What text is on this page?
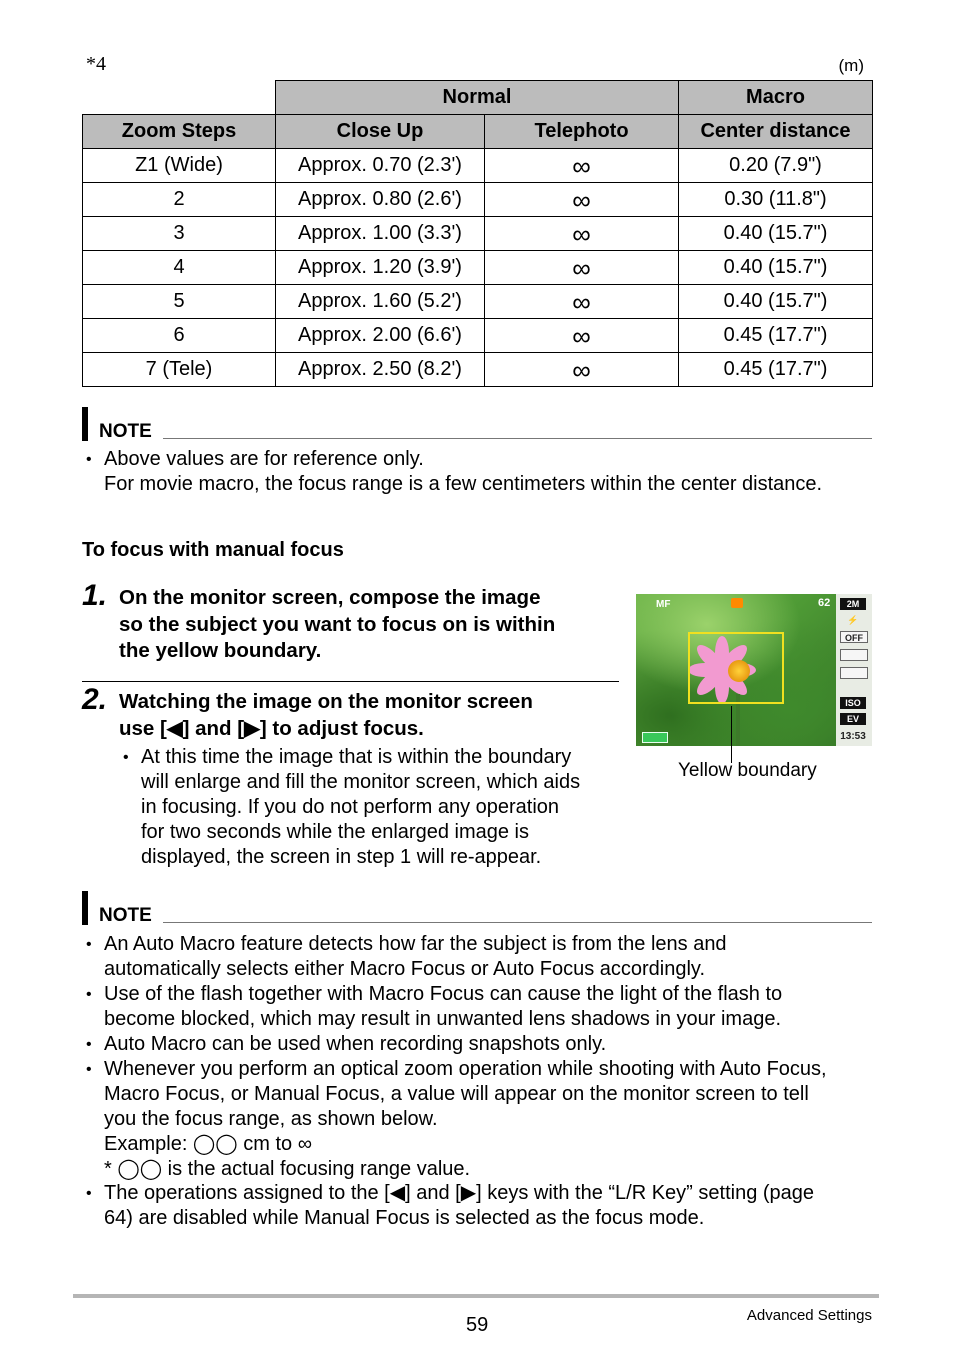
*4	(m)
	Normal		Macro
Zoom Steps	Close Up	Telephoto	Center distance
Z1 (Wide)	Approx. 0.70 (2.3')	∞	0.20 (7.9")
2	Approx. 0.80 (2.6')	∞	0.30 (11.8")
3	Approx. 1.00 (3.3')	∞	0.40 (15.7")
4	Approx. 1.20 (3.9')	∞	0.40 (15.7")
5	Approx. 1.60 (5.2')	∞	0.40 (15.7")
6	Approx. 2.00 (6.6')	∞	0.45 (17.7")
7 (Tele)	Approx. 2.50 (8.2')	∞	0.45 (17.7")
NOTE
• Above values are for reference only.
For movie macro, the focus range is a few centimeters within the center distance.
To focus with manual focus
1. On the monitor screen, compose the image
so the subject you want to focus on is within
the yellow boundary.
2. Watching the image on the monitor screen
use [◀] and [▶] to adjust focus.
• At this time the image that is within the boundary
will enlarge and fill the monitor screen, which aids
in focusing. If you do not perform any operation
for two seconds while the enlarged image is
displayed, the screen in step 1 will re-appear.
MF	62	2M
⚡
OFF
ISO
EV
13:53
Yellow boundary
NOTE
• An Auto Macro feature detects how far the subject is from the lens and
automatically selects either Macro Focus or Auto Focus accordingly.
• Use of the flash together with Macro Focus can cause the light of the flash to
become blocked, which may result in unwanted lens shadows in your image.
• Auto Macro can be used when recording snapshots only.
• Whenever you perform an optical zoom operation while shooting with Auto Focus,
Macro Focus, or Manual Focus, a value will appear on the monitor screen to tell
you the focus range, as shown below.
Example: ◯◯ cm to ∞
* ◯◯ is the actual focusing range value.
• The operations assigned to the [◀] and [▶] keys with the “L/R Key” setting (page
64) are disabled while Manual Focus is selected as the focus mode.
59	Advanced Settings
